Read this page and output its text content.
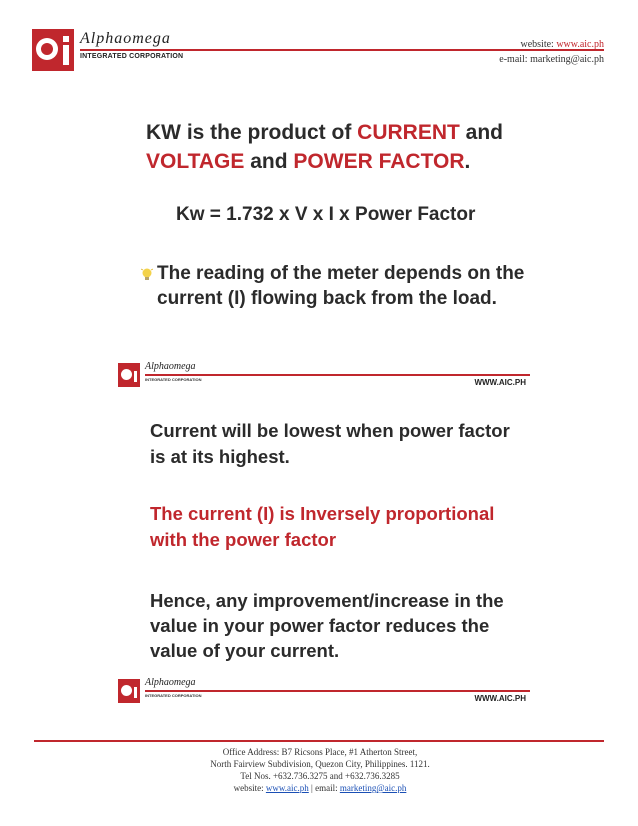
Alphaomega
INTEGRATED CORPORATION
website: www.aic.ph
e-mail: marketing@aic.ph
KW is the product of CURRENT and
VOLTAGE and POWER FACTOR.
Kw = 1.732 x V x I x Power Factor
The reading of the meter depends on the current (I) flowing back from the load.
Alphaomega
INTEGRATED CORPORATION	WWW.AIC.PH
Current will be lowest when power factor is at its highest.
The current (I) is Inversely proportional with the power factor
Hence, any improvement/increase in the value in your power factor reduces the value of your current.
Alphaomega
INTEGRATED CORPORATION	WWW.AIC.PH
Office Address: B7 Ricsons Place, #1 Atherton Street,
North Fairview Subdivision, Quezon City, Philippines. 1121.
Tel Nos. +632.736.3275 and +632.736.3285
website: www.aic.ph | email: marketing@aic.ph
